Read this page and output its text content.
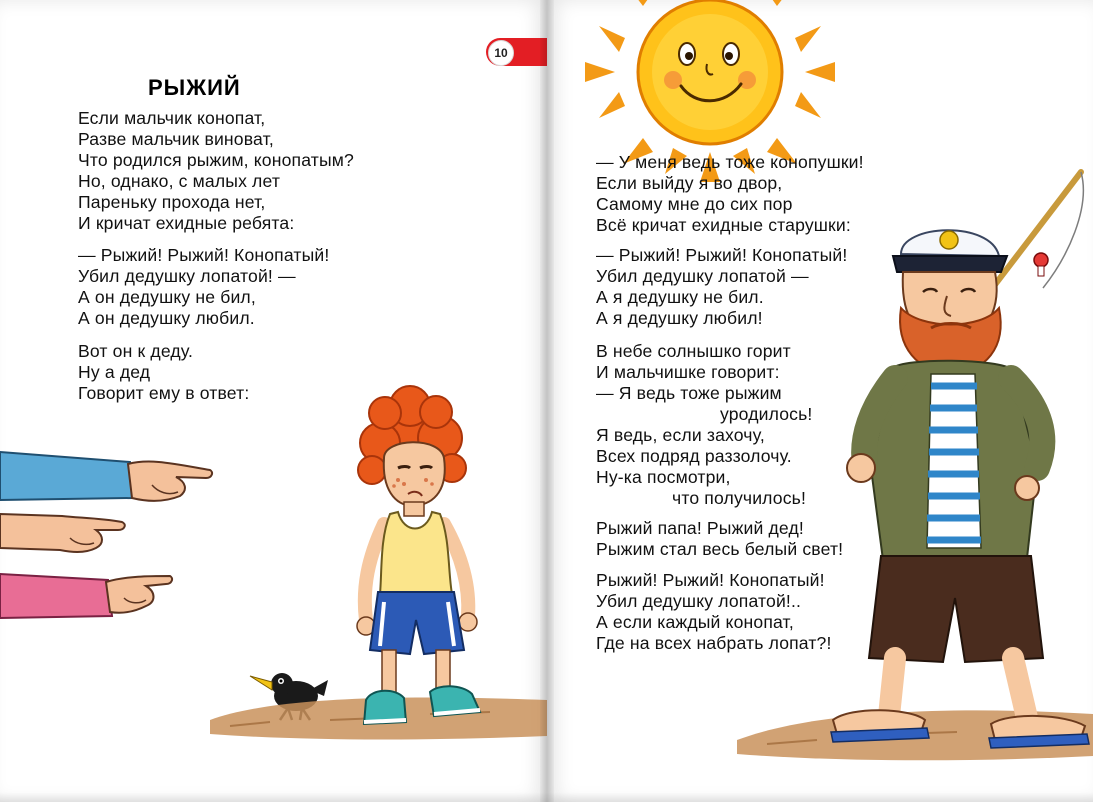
10
РЫЖИЙ
Если мальчик конопат,
Разве мальчик виноват,
Что родился рыжим, конопатым?
Но, однако, с малых лет
Пареньку прохода нет,
И кричат ехидные ребята:
— Рыжий! Рыжий! Конопатый!
Убил дедушку лопатой! —
А он дедушку не бил,
А он дедушку любил.
Вот он к деду.
Ну а дед
Говорит ему в ответ:
— У меня ведь тоже конопушки!
Если выйду я во двор,
Самому мне до сих пор
Всё кричат ехидные старушки:
— Рыжий! Рыжий! Конопатый!
Убил дедушку лопатой —
А я дедушку не бил.
А я дедушку любил!
В небе солнышко горит
И мальчишке говорит:
— Я ведь тоже рыжим
уродилось!
Я ведь, если захочу,
Всех подряд раззолочу.
Ну-ка посмотри,
что получилось!
Рыжий папа! Рыжий дед!
Рыжим стал весь белый свет!
Рыжий! Рыжий! Конопатый!
Убил дедушку лопатой!..
А если каждый конопат,
Где на всех набрать лопат?!
